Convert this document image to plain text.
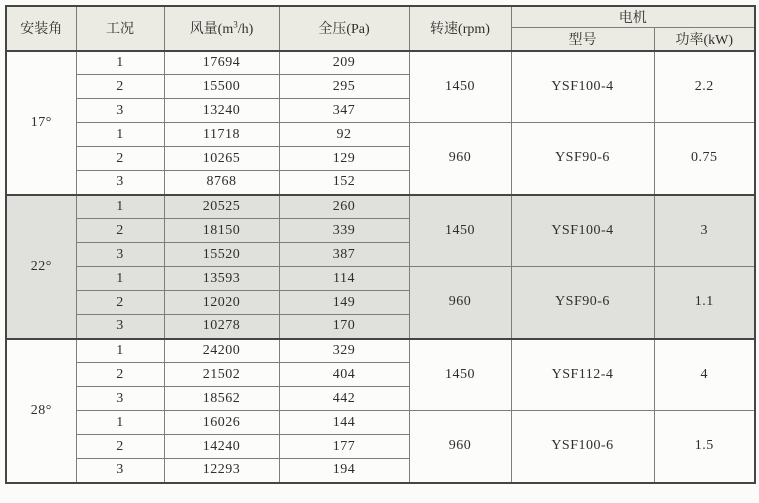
安装角	工况	风量$(m^3/h)$	全压(Pa)	转速(rpm)	电机	
					型号	功率(kW)
17°	1	17694	209	1450	YSF100-4	2.2
	2	15500	295			
	3	13240	347			
	1	11718	92	960	YSF90-6	0.75
	2	10265	129			
	3	8768	152			
22°	1	20525	260	1450	YSF100-4	3
	2	18150	339			
	3	15520	387			
	1	13593	114	960	YSF90-6	1.1
	2	12020	149			
	3	10278	170			
28°	1	24200	329	1450	YSF112-4	4
	2	21502	404			
	3	18562	442			
	1	16026	144	960	YSF100-6	1.5
	2	14240	177			
	3	12293	194			
